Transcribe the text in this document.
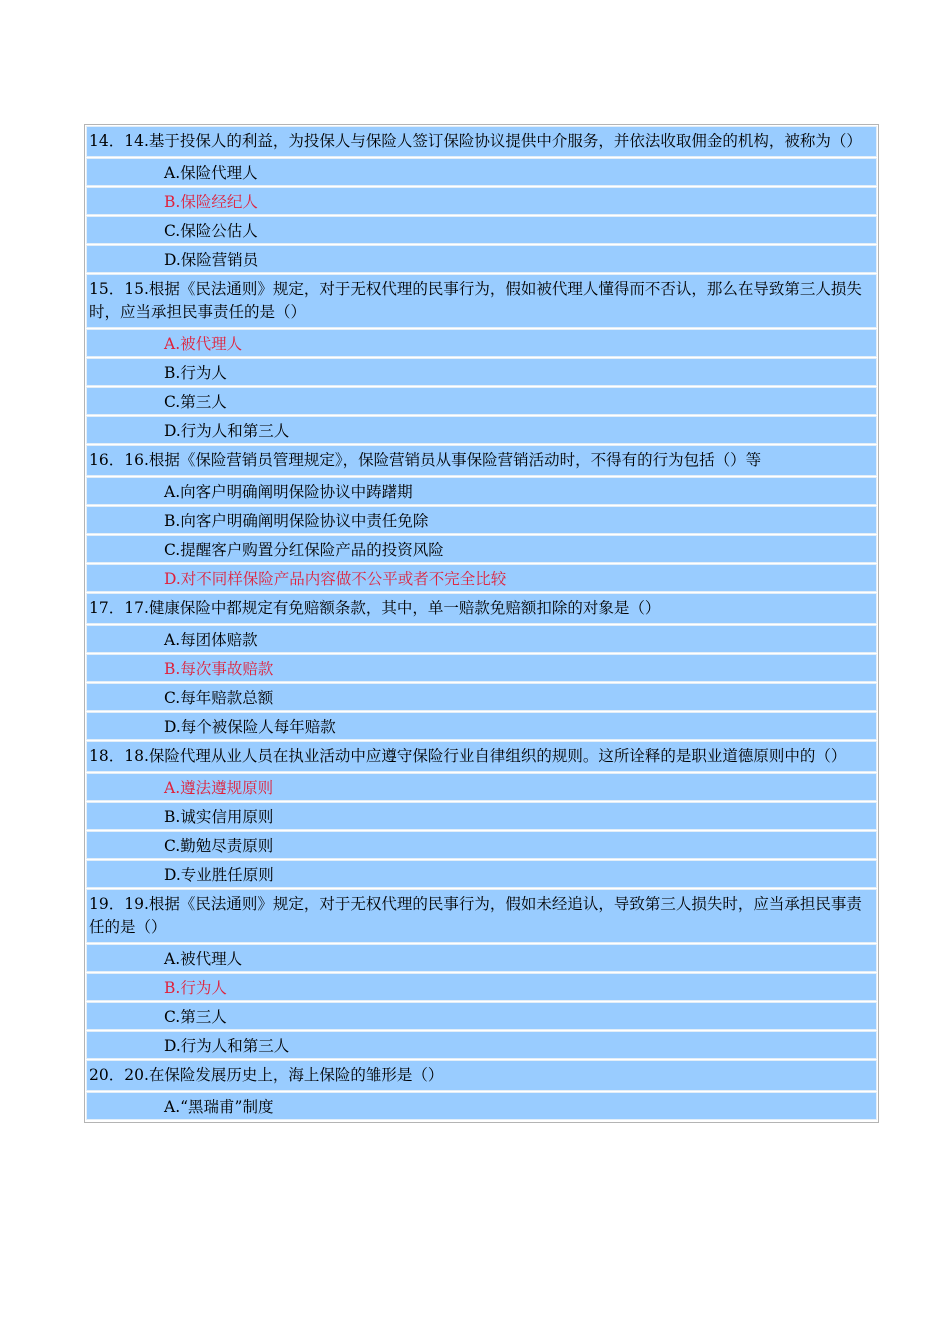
14．14.基于投保人的利益，为投保人与保险人签订保险协议提供中介服务，并依法收取佣金的机构，被称为（）
A.保险代理人
B.保险经纪人
C.保险公估人
D.保险营销员
15．15.根据《民法通则》规定，对于无权代理的民事行为，假如被代理人懂得而不否认，那么在导致第三人损失时，应当承担民事责任的是（）
A.被代理人
B.行为人
C.第三人
D.行为人和第三人
16．16.根据《保险营销员管理规定》，保险营销员从事保险营销活动时，不得有的行为包括（）等
A.向客户明确阐明保险协议中踌躇期
B.向客户明确阐明保险协议中责任免除
C.提醒客户购置分红保险产品的投资风险
D.对不同样保险产品内容做不公平或者不完全比较
17．17.健康保险中都规定有免赔额条款，其中，单一赔款免赔额扣除的对象是（）
A.每团体赔款
B.每次事故赔款
C.每年赔款总额
D.每个被保险人每年赔款
18．18.保险代理从业人员在执业活动中应遵守保险行业自律组织的规则。这所诠释的是职业道德原则中的（）
A.遵法遵规原则
B.诚实信用原则
C.勤勉尽责原则
D.专业胜任原则
19．19.根据《民法通则》规定，对于无权代理的民事行为，假如未经追认，导致第三人损失时，应当承担民事责任的是（）
A.被代理人
B.行为人
C.第三人
D.行为人和第三人
20．20.在保险发展历史上，海上保险的雏形是（）
A.“黑瑞甫”制度
